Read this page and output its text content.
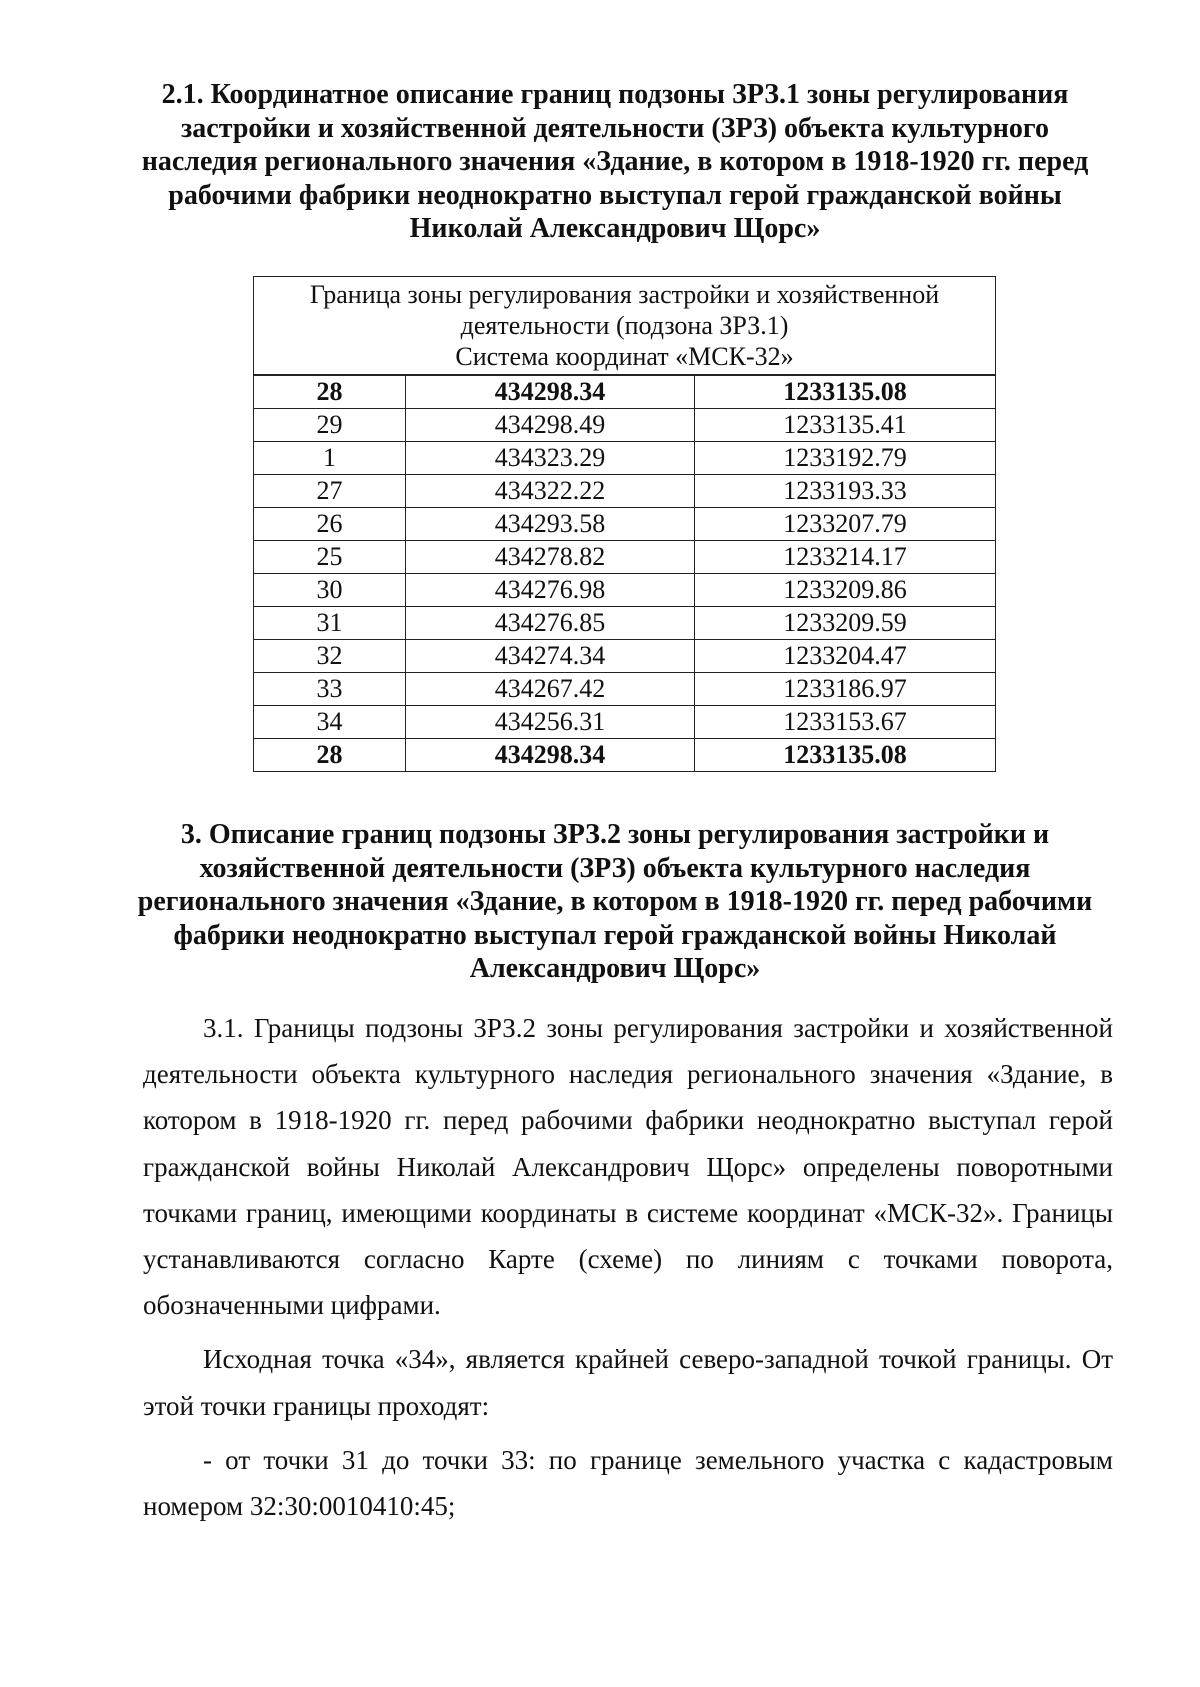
2.1. Координатное описание границ подзоны ЗРЗ.1 зоны регулирования
застройки и хозяйственной деятельности (ЗРЗ) объекта культурного
наследия регионального значения «Здание, в котором в 1918-1920 гг. перед
рабочими фабрики неоднократно выступал герой гражданской войны
Николай Александрович Щорс»
Граница зоны регулирования застройки и хозяйственной
деятельности (подзона ЗРЗ.1)
Система координат «МСК-32»		

28	434298.34	1233135.08
29	434298.49	1233135.41
1	434323.29	1233192.79
27	434322.22	1233193.33
26	434293.58	1233207.79
25	434278.82	1233214.17
30	434276.98	1233209.86
31	434276.85	1233209.59
32	434274.34	1233204.47
33	434267.42	1233186.97
34	434256.31	1233153.67
28	434298.34	1233135.08
3. Описание границ подзоны ЗРЗ.2 зоны регулирования застройки и
хозяйственной деятельности (ЗРЗ) объекта культурного наследия
регионального значения «Здание, в котором в 1918-1920 гг. перед рабочими
фабрики неоднократно выступал герой гражданской войны Николай
Александрович Щорс»

3.1. Границы подзоны ЗРЗ.2 зоны регулирования застройки и хозяйственной деятельности объекта культурного наследия регионального значения «Здание, в котором в 1918-1920 гг. перед рабочими фабрики неоднократно выступал герой гражданской войны Николай Александрович Щорс» определены поворотными точками границ, имеющими координаты в системе координат «МСК-32». Границы устанавливаются согласно Карте (схеме) по линиям с точками поворота, обозначенными цифрами.

Исходная точка «34», является крайней северо-западной точкой границы. От этой точки границы проходят:

- от точки 31 до точки 33: по границе земельного участка с кадастровым номером 32:30:0010410:45;
